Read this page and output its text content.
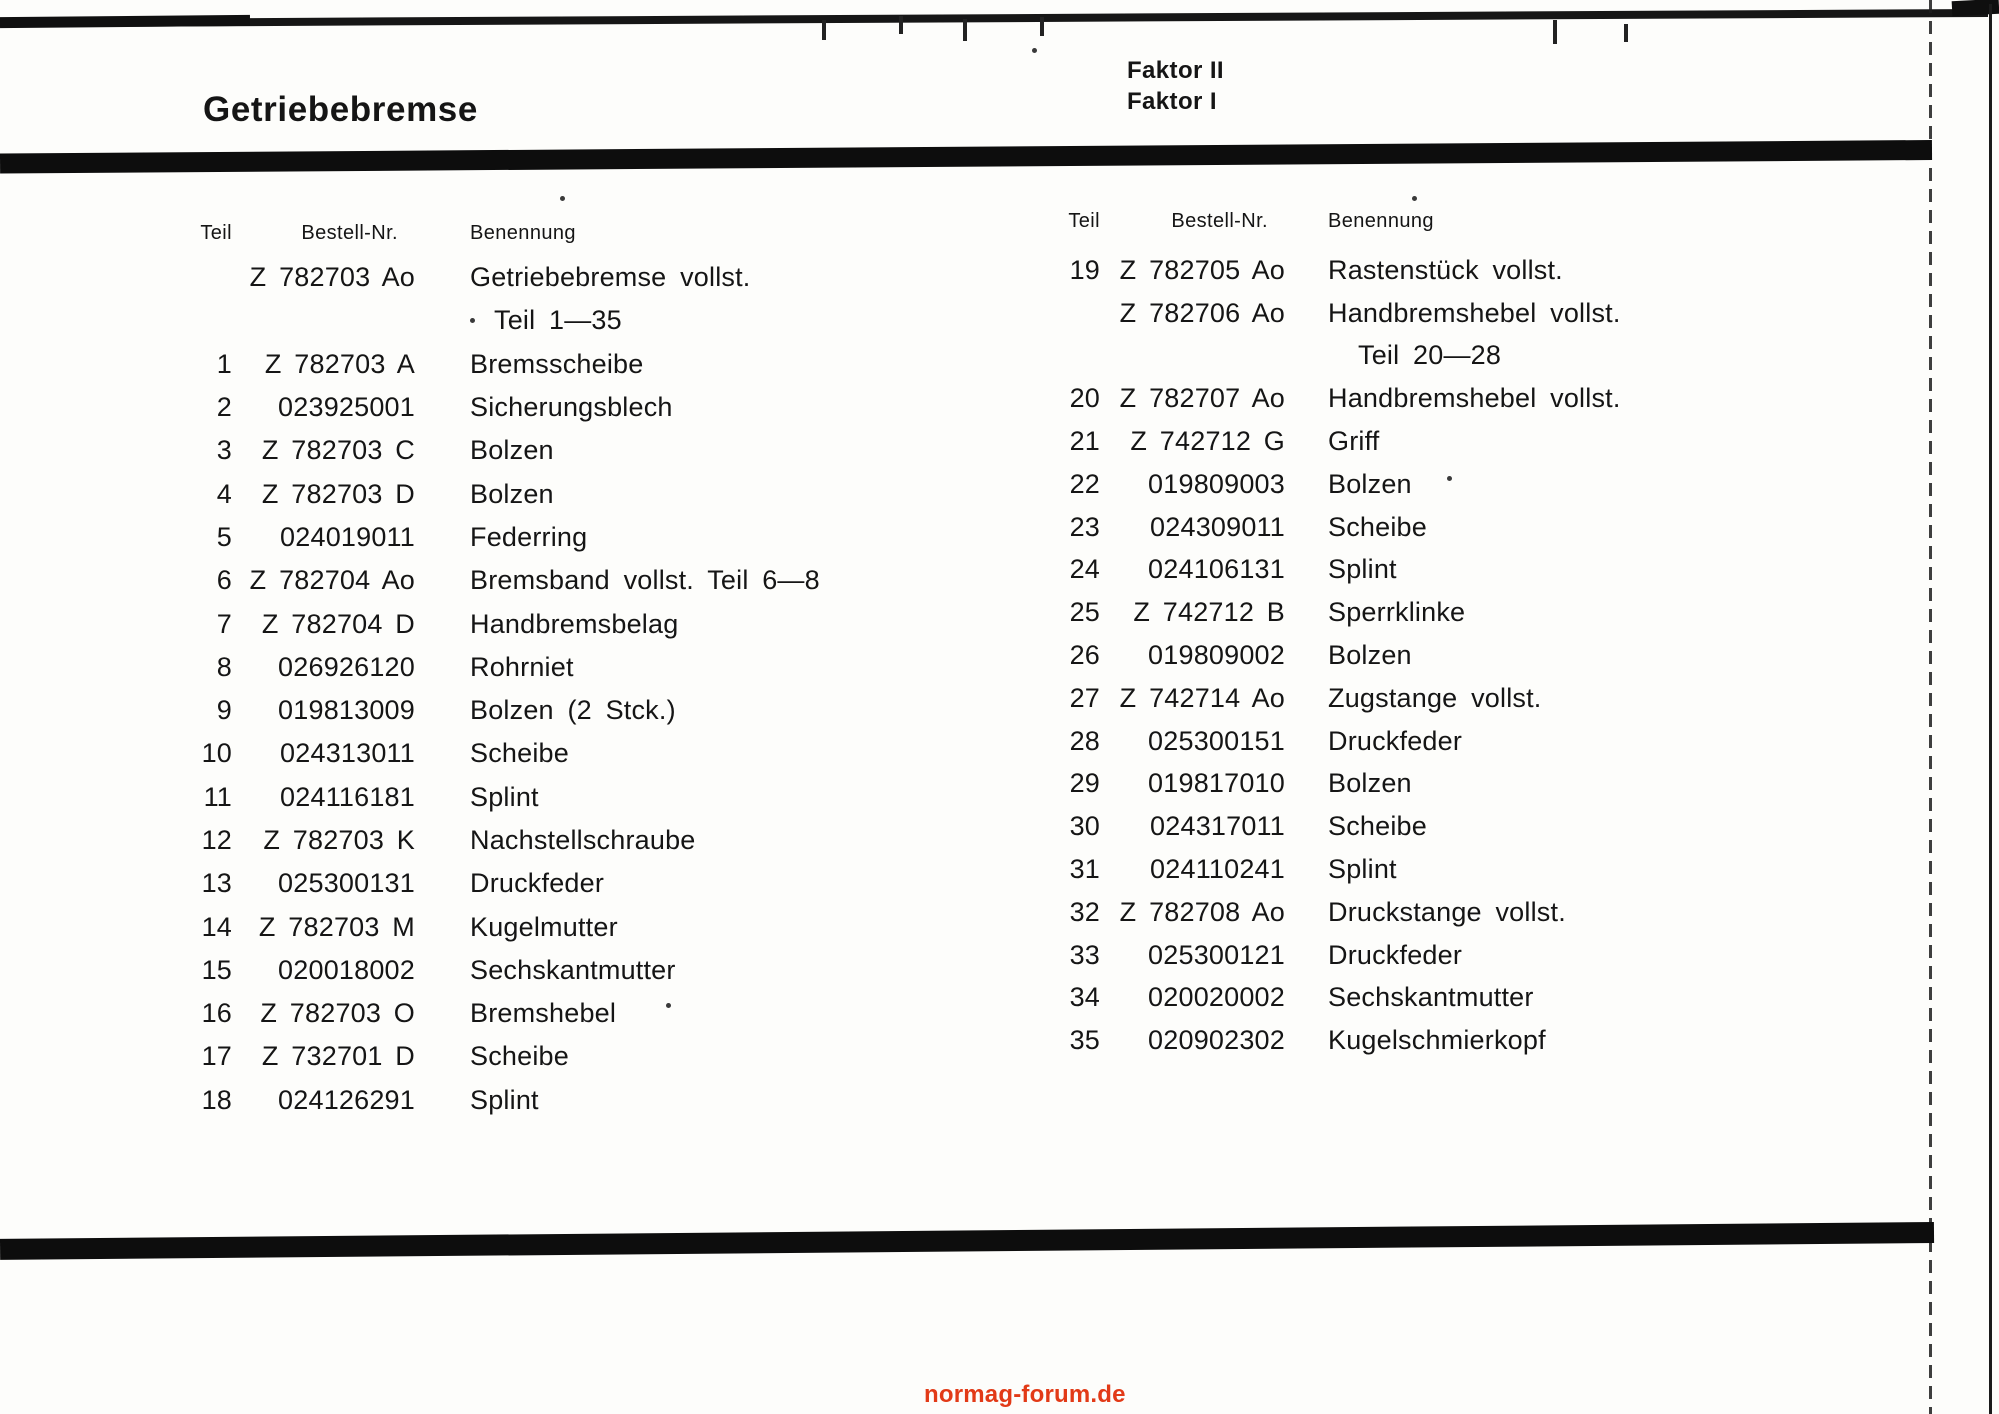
Getriebebremse
Faktor II
Faktor I
Teil	Bestell-Nr.	Benennung
Z 782703 Ao	Getriebebremse vollst.
Teil 1—35
1	Z 782703 A	Bremsscheibe
2	023925001	Sicherungsblech
3	Z 782703 C	Bolzen
4	Z 782703 D	Bolzen
5	024019011	Federring
6 Z 782704 Ao	Bremsband vollst. Teil 6—8
7	Z 782704 D	Handbremsbelag
8	026926120	Rohrniet
9	019813009	Bolzen (2 Stck.)
10	024313011	Scheibe
11	024116181	Splint
12	Z 782703 K	Nachstellschraube
13	025300131	Druckfeder
14 Z 782703 M	Kugelmutter
15	020018002	Sechskantmutter
16	Z 782703 O	Bremshebel
17	Z 732701 D	Scheibe
18	024126291	Splint
Teil	Bestell-Nr.	Benennung
19 Z 782705 Ao	Rastenstück vollst.
Z 782706 Ao	Handbremshebel vollst.
Teil 20—28
20 Z 782707 Ao	Handbremshebel vollst.
21	Z 742712 G	Griff
22	019809003	Bolzen
23	024309011	Scheibe
24	024106131	Splint
25	Z 742712 B	Sperrklinke
26	019809002	Bolzen
27 Z 742714 Ao	Zugstange vollst.
28	025300151	Druckfeder
29	019817010	Bolzen
30	024317011	Scheibe
31	024110241	Splint
32 Z 782708 Ao	Druckstange vollst.
33	025300121	Druckfeder
34	020020002	Sechskantmutter
35	020902302	Kugelschmierkopf
normag-forum.de
